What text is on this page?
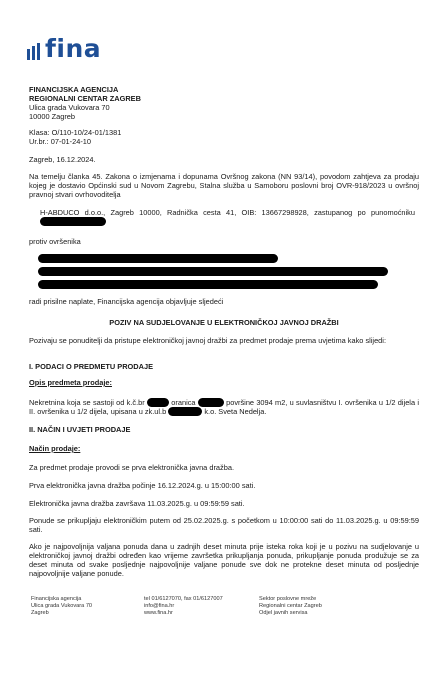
fina
FINANCIJSKA AGENCIJA
REGIONALNI CENTAR ZAGREB
Ulica grada Vukovara 70
10000 Zagreb
Klasa: O/110-10/24-01/1381
Ur.br.: 07-01-24-10
Zagreb, 16.12.2024.
Na temelju članka 45. Zakona o izmjenama i dopunama Ovršnog zakona (NN 93/14), povodom zahtjeva za prodaju kojeg je dostavio Općinski sud u Novom Zagrebu, Stalna služba u Samoboru poslovni broj OVR-918/2023 u ovršnoj pravnoj stvari ovrhovoditelja
H-ABDUCO d.o.o., Zagreb 10000, Radnička cesta 41, OIB: 13667298928, zastupanog po punomoćniku
protiv ovršenika
radi prisilne naplate, Financijska agencija objavljuje sljedeći
POZIV NA SUDJELOVANJE U ELEKTRONIČKOJ JAVNOJ DRAŽBI
Pozivaju se ponuditelji da pristupe elektroničkoj javnoj dražbi za predmet prodaje prema uvjetima kako slijedi:
I. PODACI O PREDMETU PRODAJE
Opis predmeta prodaje:
Nekretnina koja se sastoji od k.č.br	oranica	površine 3094 m2, u suvlasništvu I. ovršenika u 1/2 dijela i II. ovršenika u 1/2 dijela, upisana u zk.ul.b	k.o. Sveta Nedelja.
II. NAČIN I UVJETI PRODAJE
Način prodaje:
Za predmet prodaje provodi se prva elektronička javna dražba.
Prva elektronička javna dražba počinje 16.12.2024.g. u 15:00:00 sati.
Elektronička javna dražba završava 11.03.2025.g. u 09:59:59 sati.
Ponude se prikupljaju elektroničkim putem od 25.02.2025.g. s početkom u 10:00:00 sati do 11.03.2025.g. u 09:59:59 sati.
Ako je najpovoljnija valjana ponuda dana u zadnjih deset minuta prije isteka roka koji je u pozivu na sudjelovanje u elektroničkoj javnoj dražbi određen kao vrijeme završetka prikupljanja ponuda, prikupljanje ponuda produžuje se za deset minuta od svake posljednje najpovoljnije valjane ponude sve dok ne protekne deset minuta od posljednje najpovoljnije valjane ponude.
Financijska agencija
Ulica grada Vukovara 70
Zagreb
tel 01/6127070, fax 01/6127007
info@fina.hr
www.fina.hr
Sektor poslovne mreže
Regionalni centar Zagreb
Odjel javnih servisa
